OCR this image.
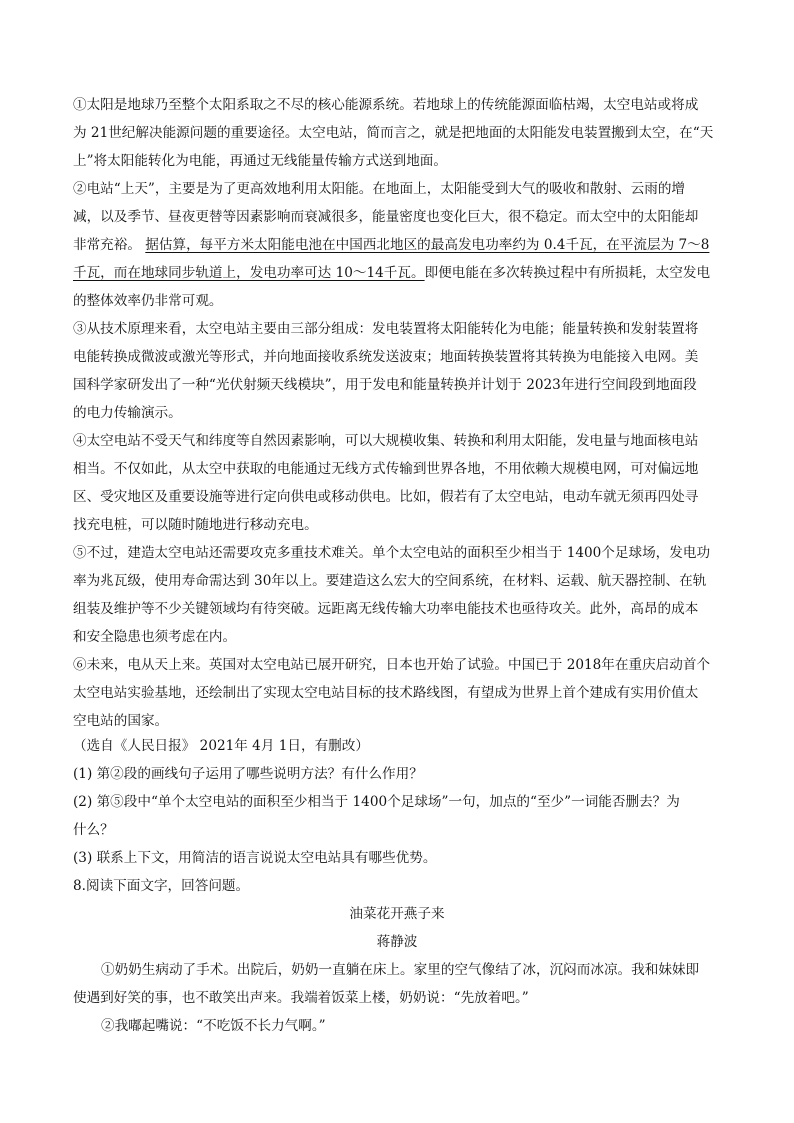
①太阳是地球乃至整个太阳系取之不尽的核心能源系统。若地球上的传统能源面临枯竭，太空电站或将成
为 21世纪解决能源问题的重要途径。太空电站，简而言之，就是把地面的太阳能发电装置搬到太空，在“天
上”将太阳能转化为电能，再通过无线能量传输方式送到地面。
②电站“上天”，主要是为了更高效地利用太阳能。在地面上，太阳能受到大气的吸收和散射、云雨的增
减，以及季节、昼夜更替等因素影响而衰减很多，能量密度也变化巨大，很不稳定。而太空中的太阳能却
非常充裕。 据估算，每平方米太阳能电池在中国西北地区的最高发电功率约为 0.4千瓦，在平流层为 7～8
千瓦，而在地球同步轨道上，发电功率可达 10～14千瓦。即便电能在多次转换过程中有所损耗，太空发电
的整体效率仍非常可观。
③从技术原理来看，太空电站主要由三部分组成：发电装置将太阳能转化为电能；能量转换和发射装置将
电能转换成微波或激光等形式，并向地面接收系统发送波束；地面转换装置将其转换为电能接入电网。美
国科学家研发出了一种“光伏射频天线模块”，用于发电和能量转换并计划于 2023年进行空间段到地面段
的电力传输演示。
④太空电站不受天气和纬度等自然因素影响，可以大规模收集、转换和利用太阳能，发电量与地面核电站
相当。不仅如此，从太空中获取的电能通过无线方式传输到世界各地，不用依赖大规模电网，可对偏远地
区、受灾地区及重要设施等进行定向供电或移动供电。比如，假若有了太空电站，电动车就无须再四处寻
找充电桩，可以随时随地进行移动充电。
⑤不过，建造太空电站还需要攻克多重技术难关。单个太空电站的面积至少相当于 1400个足球场，发电功
率为兆瓦级，使用寿命需达到 30年以上。要建造这么宏大的空间系统，在材料、运载、航天器控制、在轨
组装及维护等不少关键领域均有待突破。远距离无线传输大功率电能技术也亟待攻关。此外，高昂的成本
和安全隐患也须考虑在内。
⑥未来，电从天上来。英国对太空电站已展开研究，日本也开始了试验。中国已于 2018年在重庆启动首个
太空电站实验基地，还绘制出了实现太空电站目标的技术路线图，有望成为世界上首个建成有实用价值太
空电站的国家。
（选自《人民日报》 2021年 4月 1日，有删改）
(1) 第②段的画线句子运用了哪些说明方法？有什么作用？
(2) 第⑤段中“单个太空电站的面积至少相当于 1400个足球场”一句，加点的“至少”一词能否删去？为
什么？
(3) 联系上下文，用简洁的语言说说太空电站具有哪些优势。
8.阅读下面文字，回答问题。
油菜花开燕子来
蒋静波
①奶奶生病动了手术。出院后，奶奶一直躺在床上。家里的空气像结了冰，沉闷而冰凉。我和妹妹即
使遇到好笑的事，也不敢笑出声来。我端着饭菜上楼，奶奶说：“先放着吧。”
②我嘟起嘴说：“不吃饭不长力气啊。”
